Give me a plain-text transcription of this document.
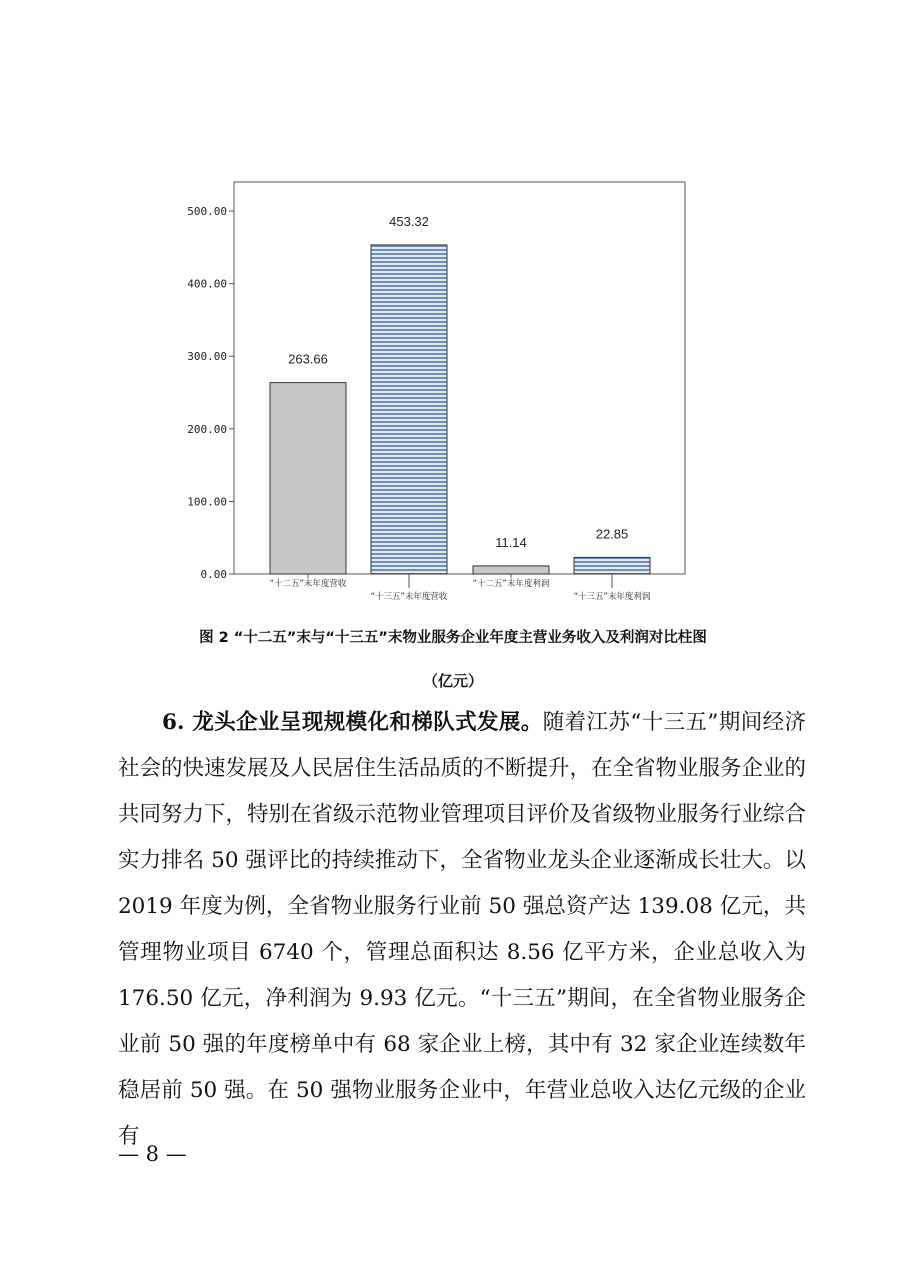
0.00
100.00
200.00
300.00
400.00
500.00
263.66
“十二五”末年度营收
453.32
“十三五”末年度营收
11.14
“十二五”末年度利润
22.85
“十三五”末年度利润
图 2 “十二五”末与“十三五”末物业服务企业年度主营业务收入及利润对比柱图
（亿元）

6. 龙头企业呈现规模化和梯队式发展。随着江苏“十三五”期间经济社会的快速发展及人民居住生活品质的不断提升，在全省物业服务企业的共同努力下，特别在省级示范物业管理项目评价及省级物业服务行业综合实力排名 50 强评比的持续推动下，全省物业龙头企业逐渐成长壮大。以 2019 年度为例，全省物业服务行业前 50 强总资产达 139.08 亿元，共管理物业项目 6740 个，管理总面积达 8.56 亿平方米，企业总收入为 176.50 亿元，净利润为 9.93 亿元。“十三五”期间，在全省物业服务企业前 50 强的年度榜单中有 68 家企业上榜，其中有 32 家企业连续数年稳居前 50 强。在 50 强物业服务企业中，年营业总收入达亿元级的企业有

— 8 —
